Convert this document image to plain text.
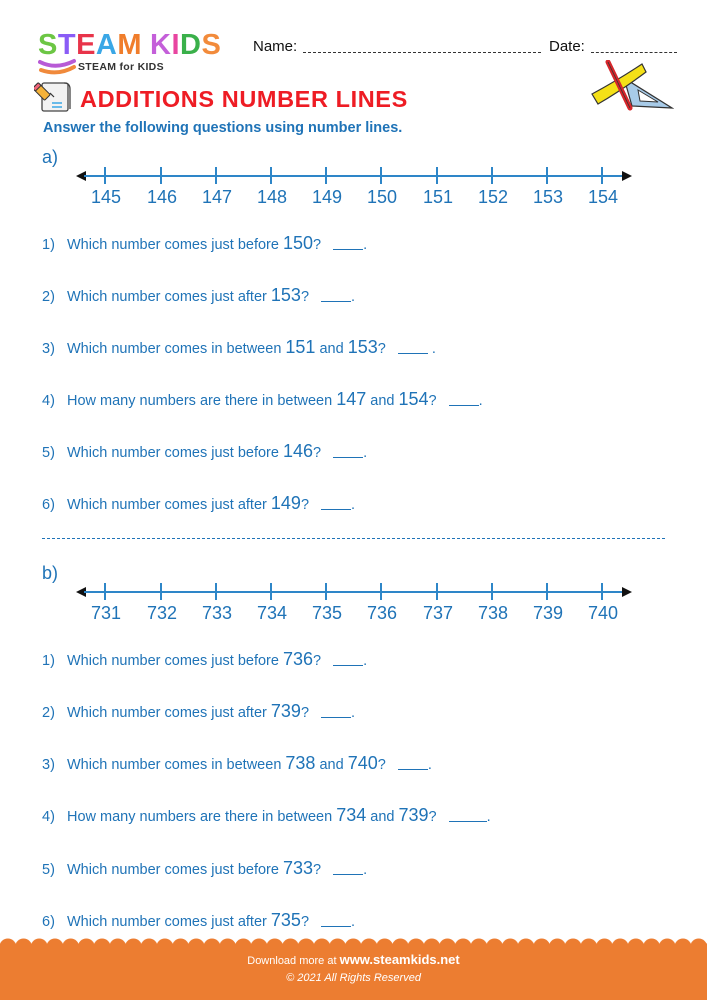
STEAM KIDS
STEAM for KIDS
Name:	Date:
ADDITIONS NUMBER LINES
Answer the following questions using number lines.
a)
145	146	147	148	149	150	151	152	153	154
1) Which number comes just before 150?	.
2) Which number comes just after 153?	.
3) Which number comes in between 151 and 153?	.
4) How many numbers are there in between 147 and 154?	.
5) Which number comes just before 146?	.
6) Which number comes just after 149?	.
b)
731	732	733	734	735	736	737	738	739	740
1) Which number comes just before 736?	.
2) Which number comes just after 739?	.
3) Which number comes in between 738 and 740?	.
4) How many numbers are there in between 734 and 739?	.
5) Which number comes just before 733?	.
6) Which number comes just after 735?	.
Download more at www.steamkids.net
© 2021 All Rights Reserved
